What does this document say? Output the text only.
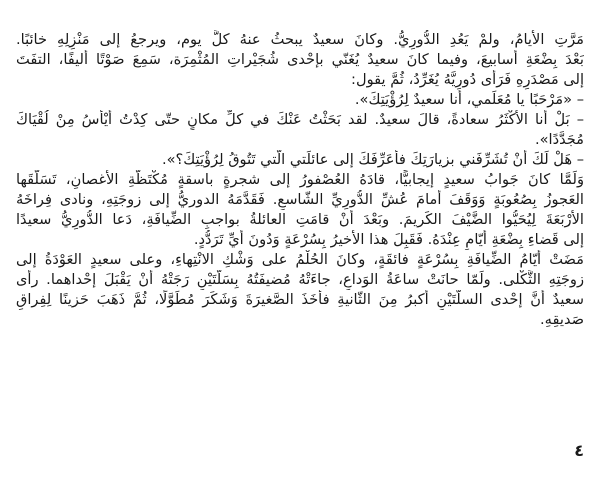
مَرَّتِ الأيامُ، ولمْ يَعُدِ الدُّورِيُّ. وكانَ سعيدٌ يبحثُ عنهُ كلَّ يوم، ويرجعُ إلى مَنْزِلِهِ خائبًا.

بَعْدَ بِضْعَةِ أسابيعَ، وفيما كانَ سعيدٌ يُغَنّي بإحْدى شُجَيْراتِ المُثْمِرَة، سَمِعَ صَوْتًا أليفًا، التفَتَ

إلى مَصْدَرِهِ فَرَأى دُورِيَّهُ يُغَرِّدُ، ثُمَّ يقول:

– «مَرْحَبًا يا مُعَلِّمي، أنا سعيدٌ لِرُؤْيَتِكَ».

– بَلْ أنا الأكْثَرُ سعادةً، قالَ سعيدٌ. لقد بَحَثْتُ عَنْكَ في كلِّ مكانٍ حتّى كِدْتُ أيْأَسُ مِنْ لُقْيَاكَ

مُجَدَّدًا».

– هَلْ لَكَ أنْ تُشَرِّفَني بزيارَتِكَ فأُعَرِّفَكَ إلى عائلَتي الّتي تَتُوقُ لِرُؤْيَتِكَ؟».

وَلَمَّا كانَ جَوابُ سعيدٍ إيجابيًّا، قادَهُ العُصْفورُ إلى شجرةٍ باسقةٍ مُكْتَظَّةِ الأغصانِ، تَسَلَّقَها

العَجوزُ بِصُعُوبَةٍ وَوَقَفَ أمامَ عُشِّ الدُّورِيِّ الشّاسعِ. فَقَدَّمَهُ الدوريُّ إلى زوجَتِهِ، ونادى فِراخَهُ

الأرْبَعَةَ لِيُحَيُّوا الضَّيْفَ الكَريمَ. وبَعْدَ أنْ قامَتِ العائلةُ بواجبِ الضِّيافَةِ، دَعا الدُّورِيُّ سعيدًا

إلى قَضاءِ بِضْعَةِ أيّامٍ عِنْدَهُ. فَقَبِلَ هذا الأخيرُ بِسُرْعَةٍ وَدُونَ أيِّ تَرَدُّدٍ.

مَضَتْ أيّامُ الضِّيافَةِ بِسُرْعَةٍ فائقَةٍ، وكانَ الحُلْمُ على وَشْكِ الانْتِهاءِ، وعلى سعيدٍ العَوْدَةُ إلى

زوجَتِهِ الثَّكْلى. ولَمّا حانَتْ ساعَةُ الوَداعِ، جاءَتْهُ مُضيفَتُهُ بِسَلَّتَيْنِ رَجَتْهُ أنْ يَقْبَلَ إحْداهما. رأى

سعيدٌ أنَّ إحْدى السلَّتَيْنِ أكبرُ مِنَ الثّانيةِ فأخَذَ الصَّغيرَةَ وَشَكَرَ مُطَوَّلًا، ثُمَّ ذَهَبَ حَزينًا لِفِراقِ

صَديقِهِ.

٤
